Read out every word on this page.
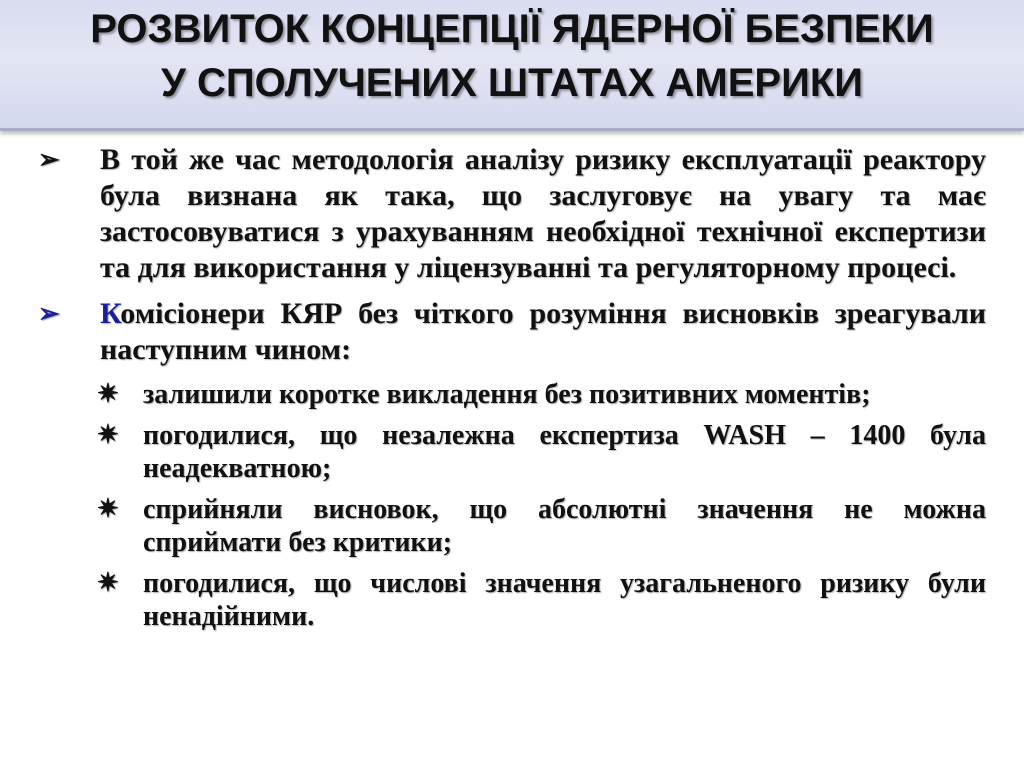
РОЗВИТОК КОНЦЕПЦІЇ ЯДЕРНОЇ БЕЗПЕКИ
У СПОЛУЧЕНИХ ШТАТАХ АМЕРИКИ
➢ В той же час методологія аналізу ризику експлуатації реактору була визнана як така, що заслуговує на увагу та має застосовуватися з урахуванням необхідної технічної експертизи та для використання у ліцензуванні та регуляторному процесі.
➢ Комісіонери КЯР без чіткого розуміння висновків зреагували наступним чином:
✷ залишили коротке викладення без позитивних моментів;
✷ погодилися, що незалежна експертиза WASH – 1400 була неадекватною;
✷ сприйняли висновок, що абсолютні значення не можна сприймати без критики;
✷ погодилися, що числові значення узагальненого ризику були ненадійними.
